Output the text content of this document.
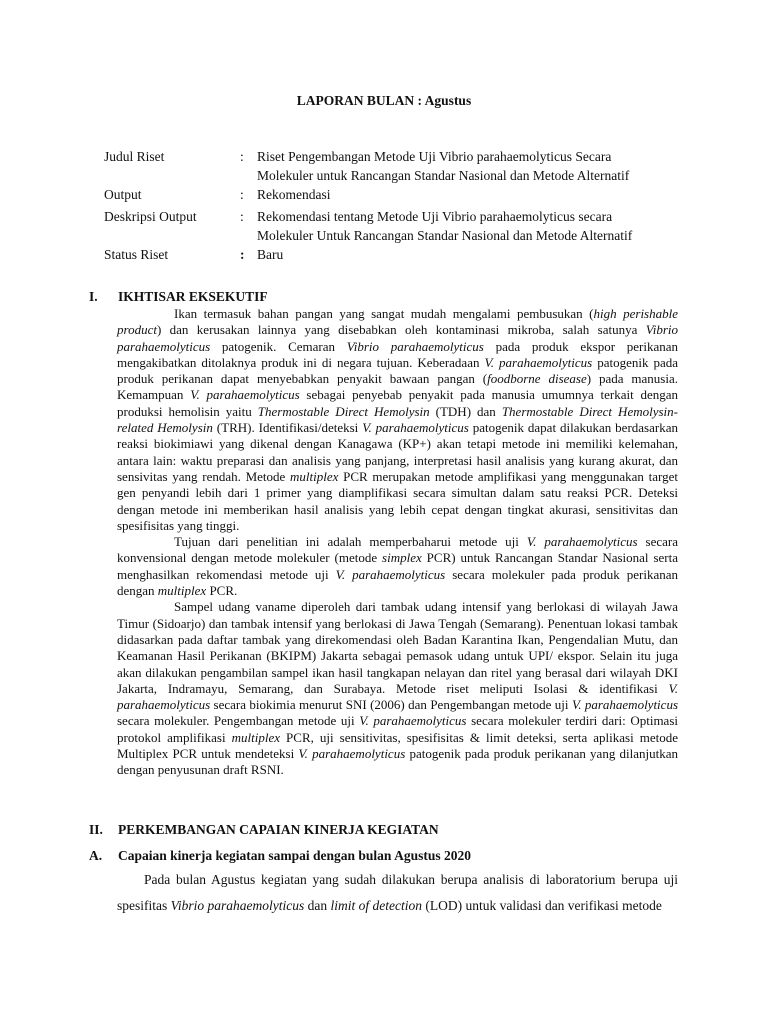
LAPORAN BULAN : Agustus
Judul Riset	: Riset Pengembangan Metode Uji Vibrio parahaemolyticus Secara
Molekuler untuk Rancangan Standar Nasional dan Metode Alternatif
Output	: Rekomendasi
Deskripsi Output	: Rekomendasi tentang Metode Uji Vibrio parahaemolyticus secara
Molekuler Untuk Rancangan Standar Nasional dan Metode Alternatif
Status Riset	: Baru
I. IKHTISAR EKSEKUTIF

Ikan termasuk bahan pangan yang sangat mudah mengalami pembusukan (high perishable product) dan kerusakan lainnya yang disebabkan oleh kontaminasi mikroba, salah satunya Vibrio parahaemolyticus patogenik. Cemaran Vibrio parahaemolyticus pada produk ekspor perikanan mengakibatkan ditolaknya produk ini di negara tujuan. Keberadaan V. parahaemolyticus patogenik pada produk perikanan dapat menyebabkan penyakit bawaan pangan (foodborne disease) pada manusia. Kemampuan V. parahaemolyticus sebagai penyebab penyakit pada manusia umumnya terkait dengan produksi hemolisin yaitu Thermostable Direct Hemolysin (TDH) dan Thermostable Direct Hemolysin- related Hemolysin (TRH). Identifikasi/deteksi V. parahaemolyticus patogenik dapat dilakukan berdasarkan reaksi biokimiawi yang dikenal dengan Kanagawa (KP+) akan tetapi metode ini memiliki kelemahan, antara lain: waktu preparasi dan analisis yang panjang, interpretasi hasil analisis yang kurang akurat, dan sensivitas yang rendah. Metode multiplex PCR merupakan metode amplifikasi yang menggunakan target gen penyandi lebih dari 1 primer yang diamplifikasi secara simultan dalam satu reaksi PCR. Deteksi dengan metode ini memberikan hasil analisis yang lebih cepat dengan tingkat akurasi, sensitivitas dan spesifisitas yang tinggi.

Tujuan dari penelitian ini adalah memperbaharui metode uji V. parahaemolyticus secara konvensional dengan metode molekuler (metode simplex PCR) untuk Rancangan Standar Nasional serta menghasilkan rekomendasi metode uji V. parahaemolyticus secara molekuler pada produk perikanan dengan multiplex PCR.

Sampel udang vaname diperoleh dari tambak udang intensif yang berlokasi di wilayah Jawa Timur (Sidoarjo) dan tambak intensif yang berlokasi di Jawa Tengah (Semarang). Penentuan lokasi tambak didasarkan pada daftar tambak yang direkomendasi oleh Badan Karantina Ikan, Pengendalian Mutu, dan Keamanan Hasil Perikanan (BKIPM) Jakarta sebagai pemasok udang untuk UPI/ ekspor. Selain itu juga akan dilakukan pengambilan sampel ikan hasil tangkapan nelayan dan ritel yang berasal dari wilayah DKI Jakarta, Indramayu, Semarang, dan Surabaya. Metode riset meliputi Isolasi & identifikasi V. parahaemolyticus secara biokimia menurut SNI (2006) dan Pengembangan metode uji V. parahaemolyticus secara molekuler. Pengembangan metode uji V. parahaemolyticus secara molekuler terdiri dari: Optimasi protokol amplifikasi multiplex PCR, uji sensitivitas, spesifisitas & limit deteksi, serta aplikasi metode Multiplex PCR untuk mendeteksi V. parahaemolyticus patogenik pada produk perikanan yang dilanjutkan dengan penyusunan draft RSNI.

II. PERKEMBANGAN CAPAIAN KINERJA KEGIATAN
A. Capaian kinerja kegiatan sampai dengan bulan Agustus 2020

Pada bulan Agustus kegiatan yang sudah dilakukan berupa analisis di laboratorium berupa uji spesifitas Vibrio parahaemolyticus dan limit of detection (LOD) untuk validasi dan verifikasi metode
